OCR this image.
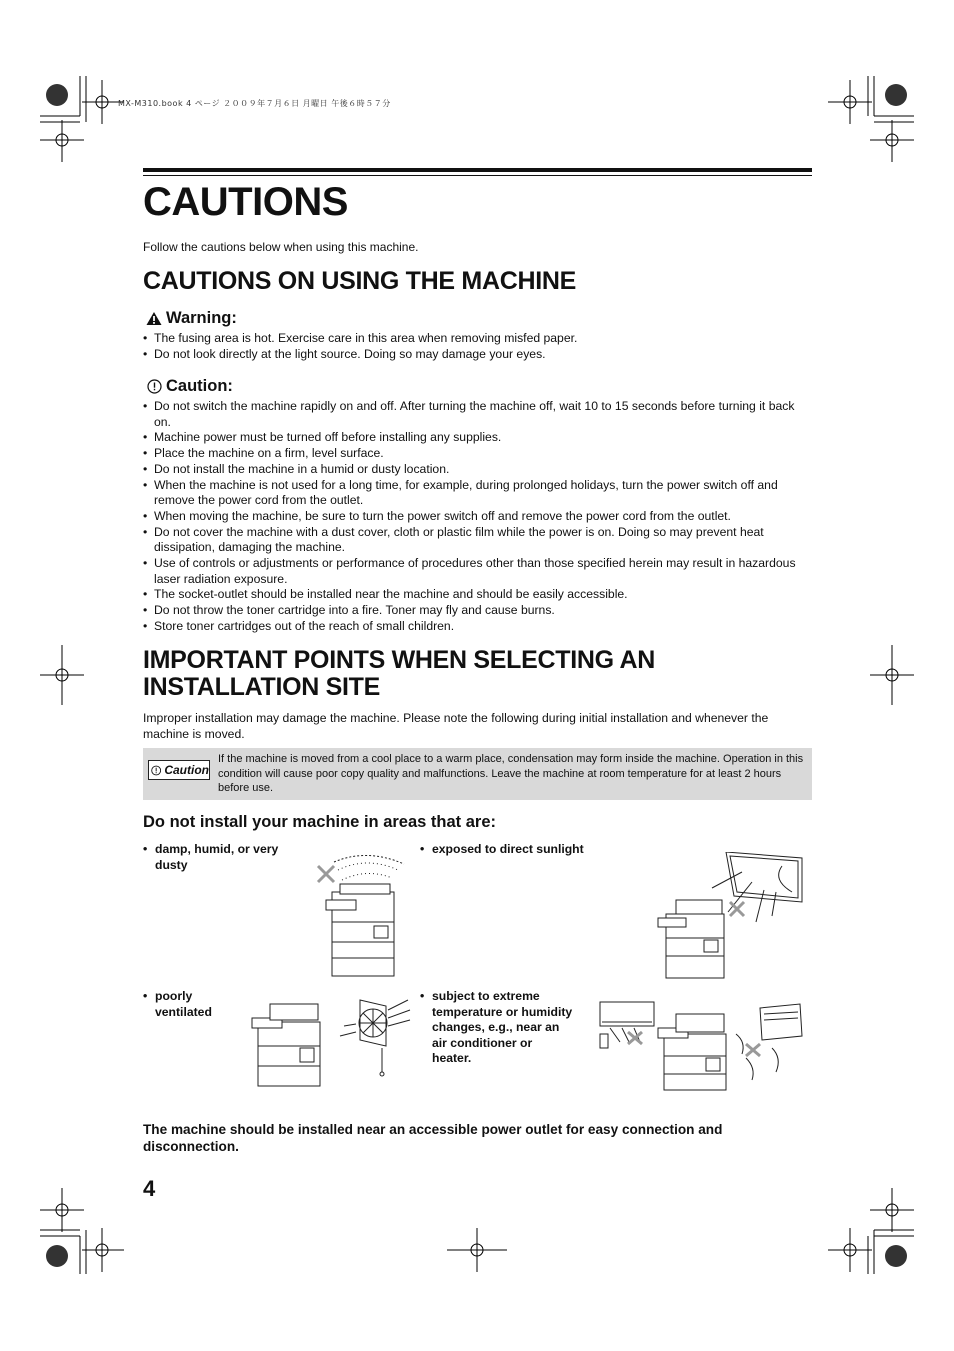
MX-M310.book 4 ページ ２００９年７月６日 月曜日 午後６時５７分
CAUTIONS
Follow the cautions below when using this machine.
CAUTIONS ON USING THE MACHINE
Warning:
• The fusing area is hot. Exercise care in this area when removing misfed paper.
• Do not look directly at the light source. Doing so may damage your eyes.
Caution:
• Do not switch the machine rapidly on and off. After turning the machine off, wait 10 to 15 seconds before turning it back on.
• Machine power must be turned off before installing any supplies.
• Place the machine on a firm, level surface.
• Do not install the machine in a humid or dusty location.
• When the machine is not used for a long time, for example, during prolonged holidays, turn the power switch off and remove the power cord from the outlet.
• When moving the machine, be sure to turn the power switch off and remove the power cord from the outlet.
• Do not cover the machine with a dust cover, cloth or plastic film while the power is on. Doing so may prevent heat dissipation, damaging the machine.
• Use of controls or adjustments or performance of procedures other than those specified herein may result in hazardous laser radiation exposure.
• The socket-outlet should be installed near the machine and should be easily accessible.
• Do not throw the toner cartridge into a fire. Toner may fly and cause burns.
• Store toner cartridges out of the reach of small children.
IMPORTANT POINTS WHEN SELECTING AN
INSTALLATION SITE
Improper installation may damage the machine. Please note the following during initial installation and whenever the machine is moved.
Caution
If the machine is moved from a cool place to a warm place, condensation may form inside the machine. Operation in this condition will cause poor copy quality and malfunctions. Leave the machine at room temperature for at least 2 hours before use.
Do not install your machine in areas that are:
• damp, humid, or very
dusty
• exposed to direct sunlight
• poorly
ventilated
• subject to extreme
temperature or humidity
changes, e.g., near an
air conditioner or
heater.
The machine should be installed near an accessible power outlet for easy connection and disconnection.
4
